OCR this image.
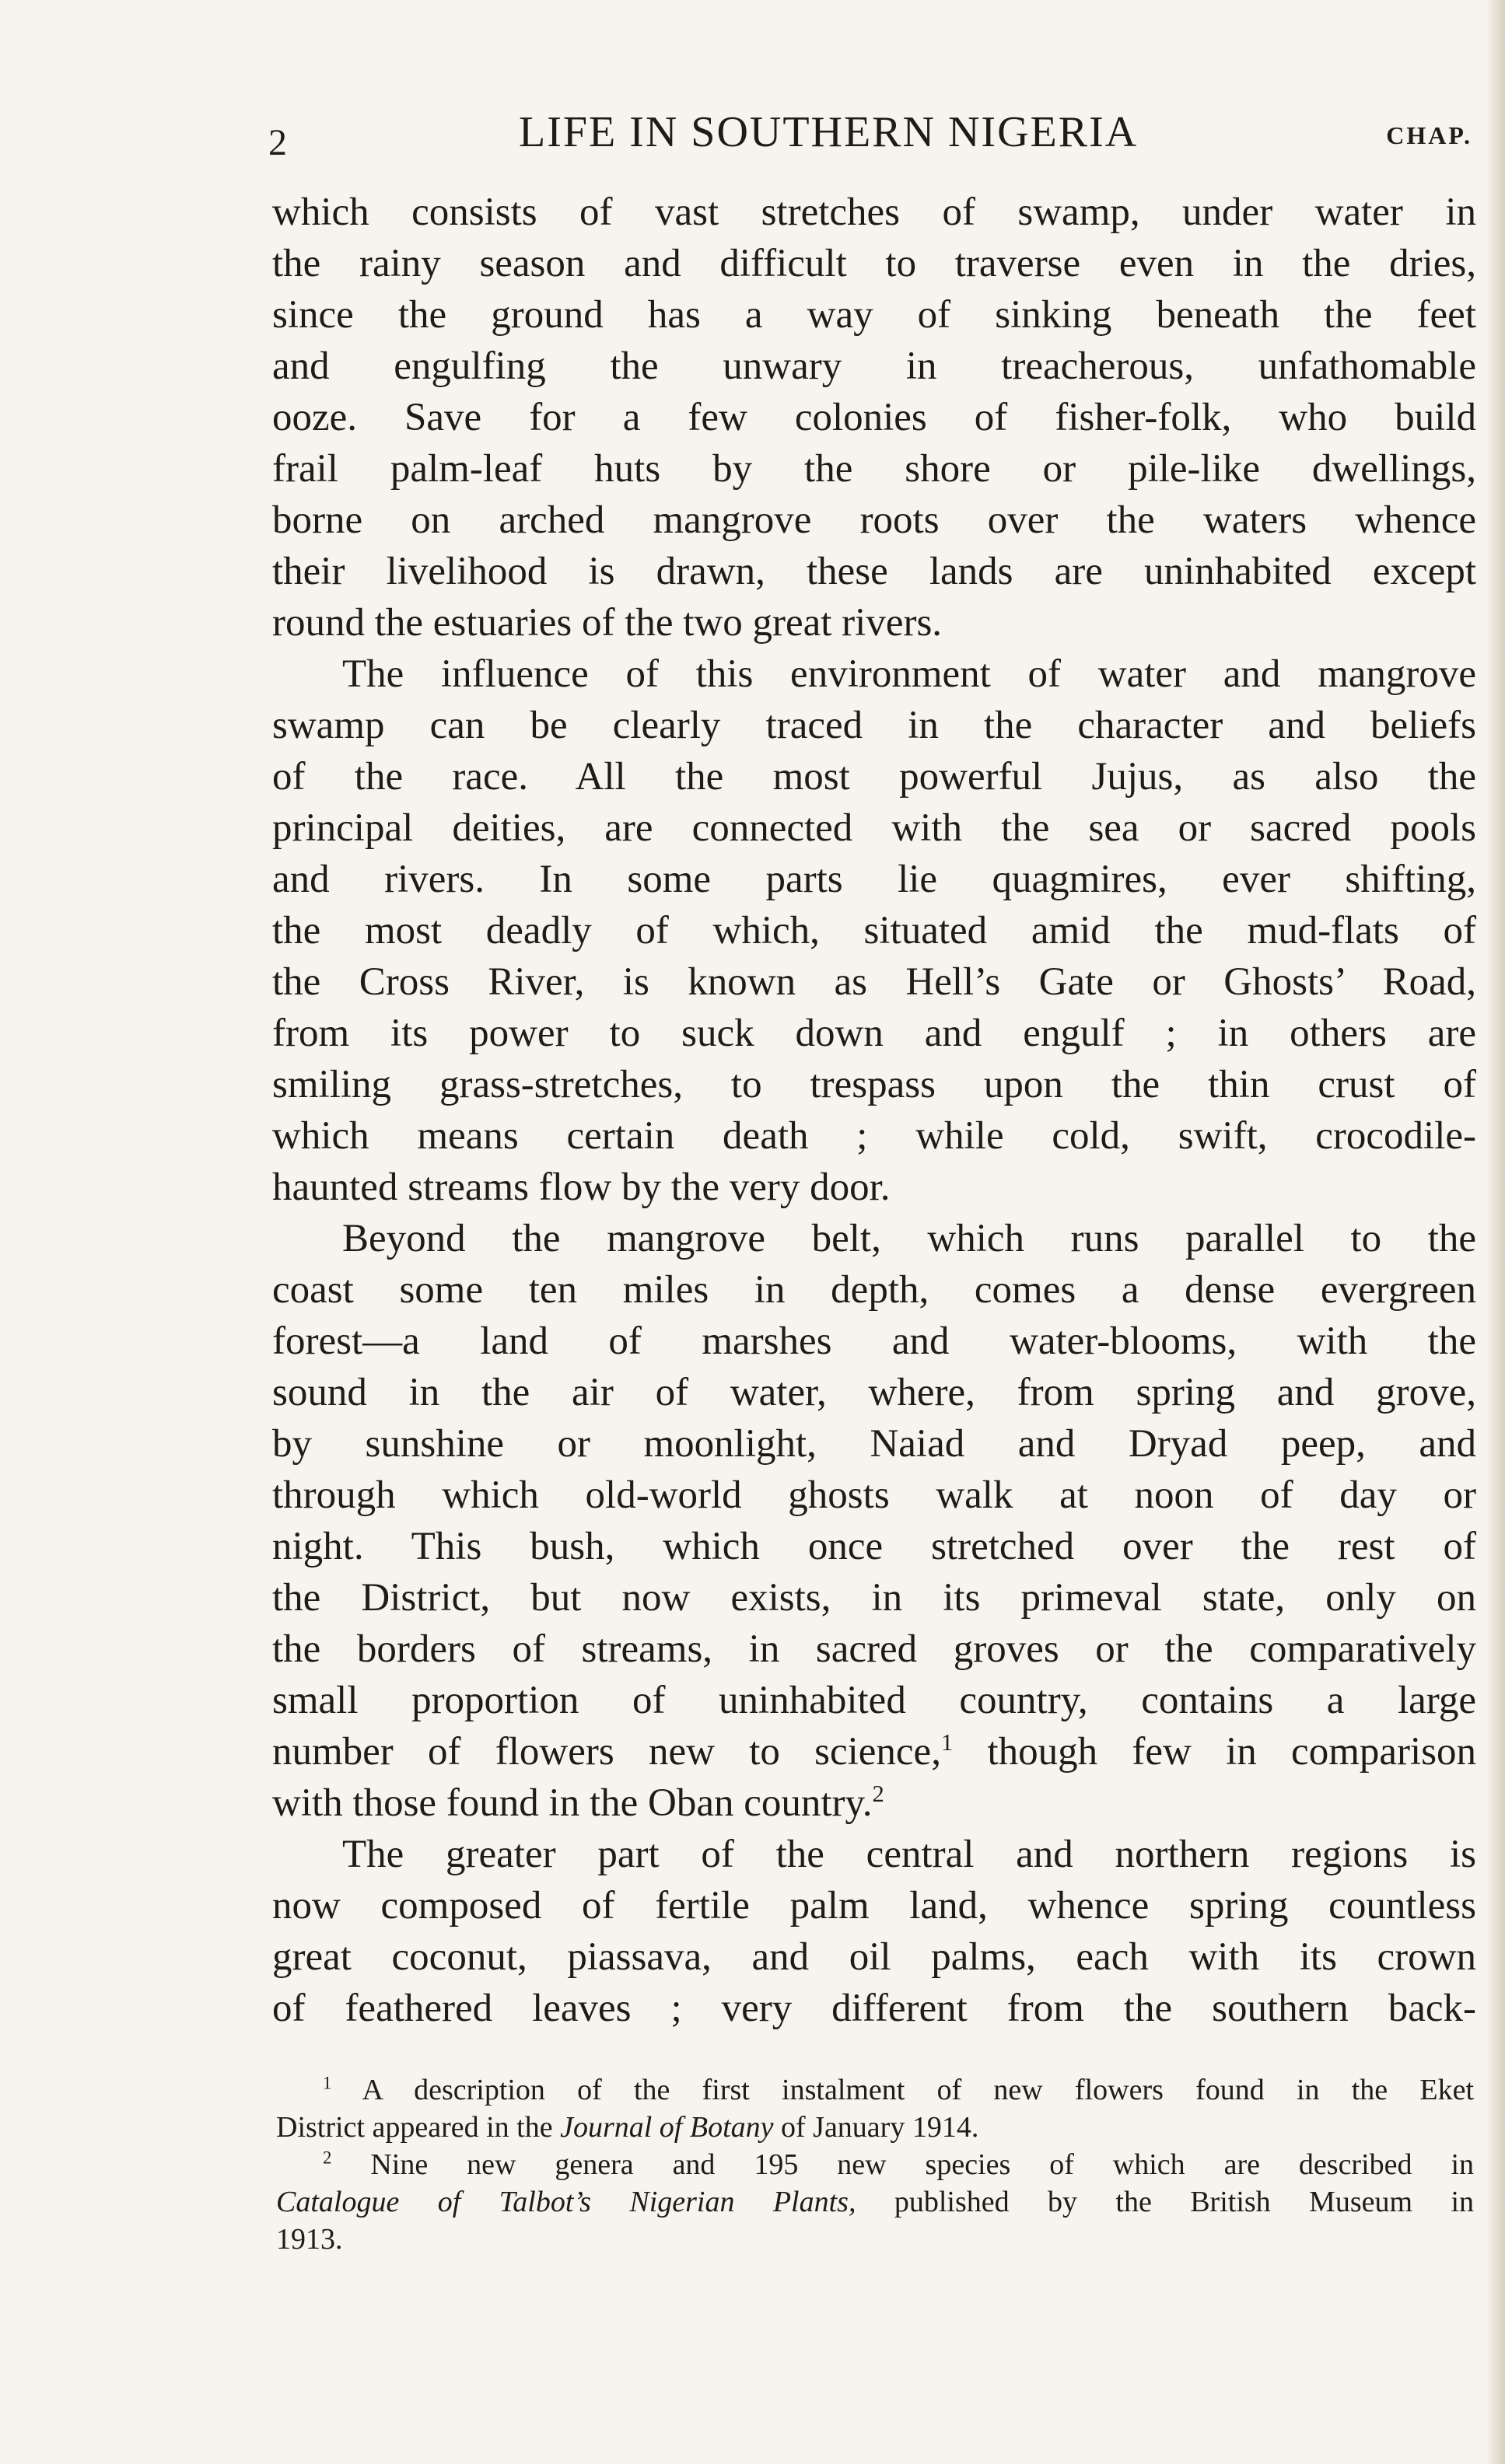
2	LIFE IN SOUTHERN NIGERIA	CHAP.
which consists of vast stretches of swamp, under water in
the rainy season and difficult to traverse even in the dries,
since the ground has a way of sinking beneath the feet
and engulfing the unwary in treacherous, unfathomable
ooze. Save for a few colonies of fisher-folk, who build
frail palm-leaf huts by the shore or pile-like dwellings,
borne on arched mangrove roots over the waters whence
their livelihood is drawn, these lands are uninhabited except
round the estuaries of the two great rivers.
The influence of this environment of water and mangrove
swamp can be clearly traced in the character and beliefs
of the race. All the most powerful Jujus, as also the
principal deities, are connected with the sea or sacred pools
and rivers. In some parts lie quagmires, ever shifting,
the most deadly of which, situated amid the mud-flats of
the Cross River, is known as Hell’s Gate or Ghosts’ Road,
from its power to suck down and engulf ; in others are
smiling grass-stretches, to trespass upon the thin crust of
which means certain death ; while cold, swift, crocodile-
haunted streams flow by the very door.
Beyond the mangrove belt, which runs parallel to the
coast some ten miles in depth, comes a dense evergreen
forest—a land of marshes and water-blooms, with the
sound in the air of water, where, from spring and grove,
by sunshine or moonlight, Naiad and Dryad peep, and
through which old-world ghosts walk at noon of day or
night. This bush, which once stretched over the rest of
the District, but now exists, in its primeval state, only on
the borders of streams, in sacred groves or the comparatively
small proportion of uninhabited country, contains a large
number of flowers new to science,$^1$ though few in comparison
with those found in the Oban country.$^2$
The greater part of the central and northern regions is
now composed of fertile palm land, whence spring countless
great coconut, piassava, and oil palms, each with its crown
of feathered leaves ; very different from the southern back-
$^1$ A description of the first instalment of new flowers found in the Eket
District appeared in the Journal of Botany of January 1914.
$^2$ Nine new genera and 195 new species of which are described in
Catalogue of Talbot’s Nigerian Plants, published by the British Museum in
1913.
